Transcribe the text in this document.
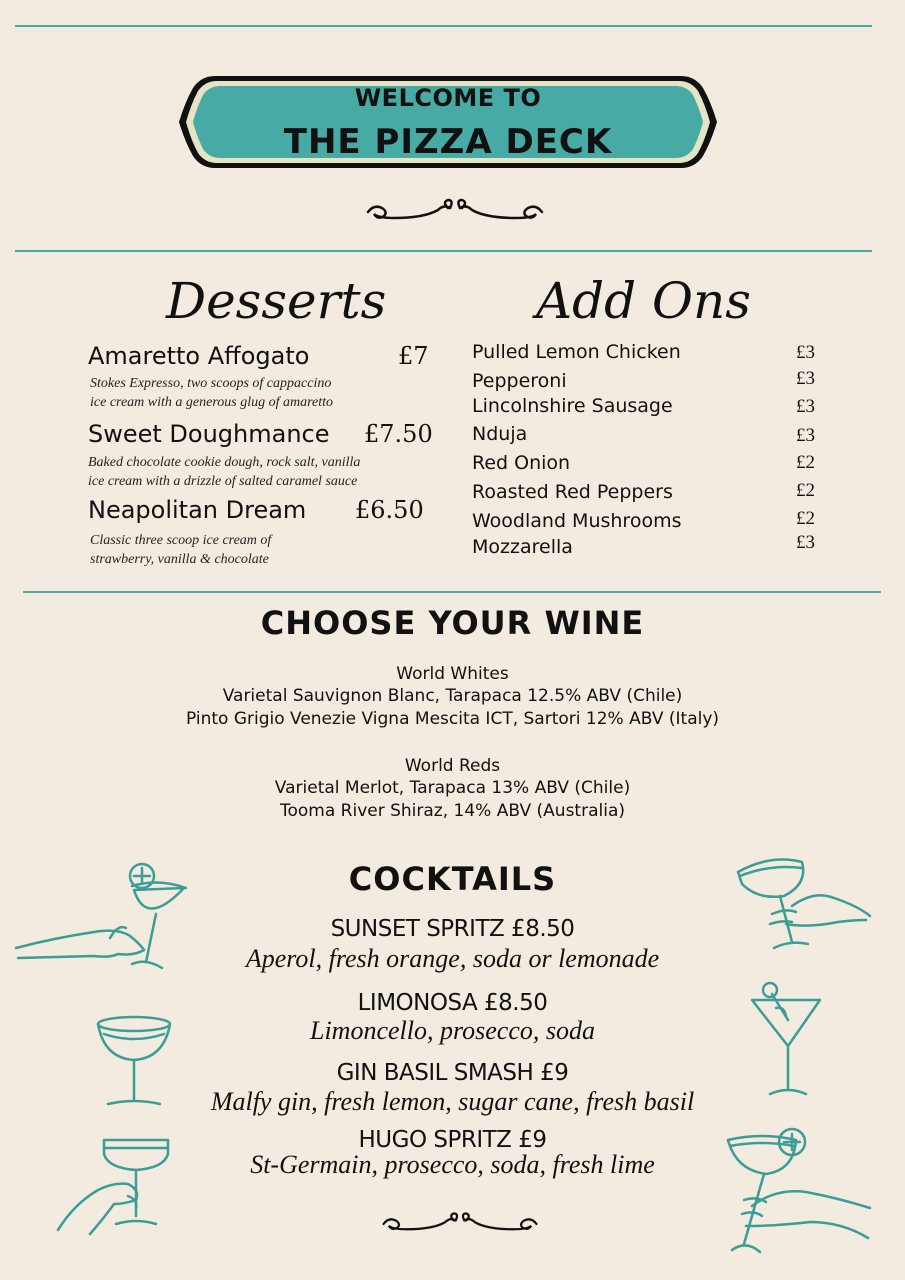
WELCOME TO
THE PIZZA DECK
Desserts
Amaretto Affogato	£7
Stokes Expresso, two scoops of cappaccino
ice cream with a generous glug of amaretto
Sweet Doughmance £7.50
Baked chocolate cookie dough, rock salt, vanilla
ice cream with a drizzle of salted caramel sauce
Neapolitan Dream £6.50
Classic three scoop ice cream of
strawberry, vanilla & chocolate
Add Ons
Pulled Lemon Chicken	£3
Pepperoni	£3
Lincolnshire Sausage	£3
Nduja	£3
Red Onion	£2
Roasted Red Peppers	£2
Woodland Mushrooms	£2
Mozzarella	£3
CHOOSE YOUR WINE
World Whites
Varietal Sauvignon Blanc, Tarapaca 12.5% ABV (Chile)
Pinto Grigio Venezie Vigna Mescita ICT, Sartori 12% ABV (Italy)
World Reds
Varietal Merlot, Tarapaca 13% ABV (Chile)
Tooma River Shiraz, 14% ABV (Australia)
COCKTAILS
SUNSET SPRITZ £8.50
Aperol, fresh orange, soda or lemonade
LIMONOSA £8.50
Limoncello, prosecco, soda
GIN BASIL SMASH £9
Malfy gin, fresh lemon, sugar cane, fresh basil
HUGO SPRITZ £9
St-Germain, prosecco, soda, fresh lime
